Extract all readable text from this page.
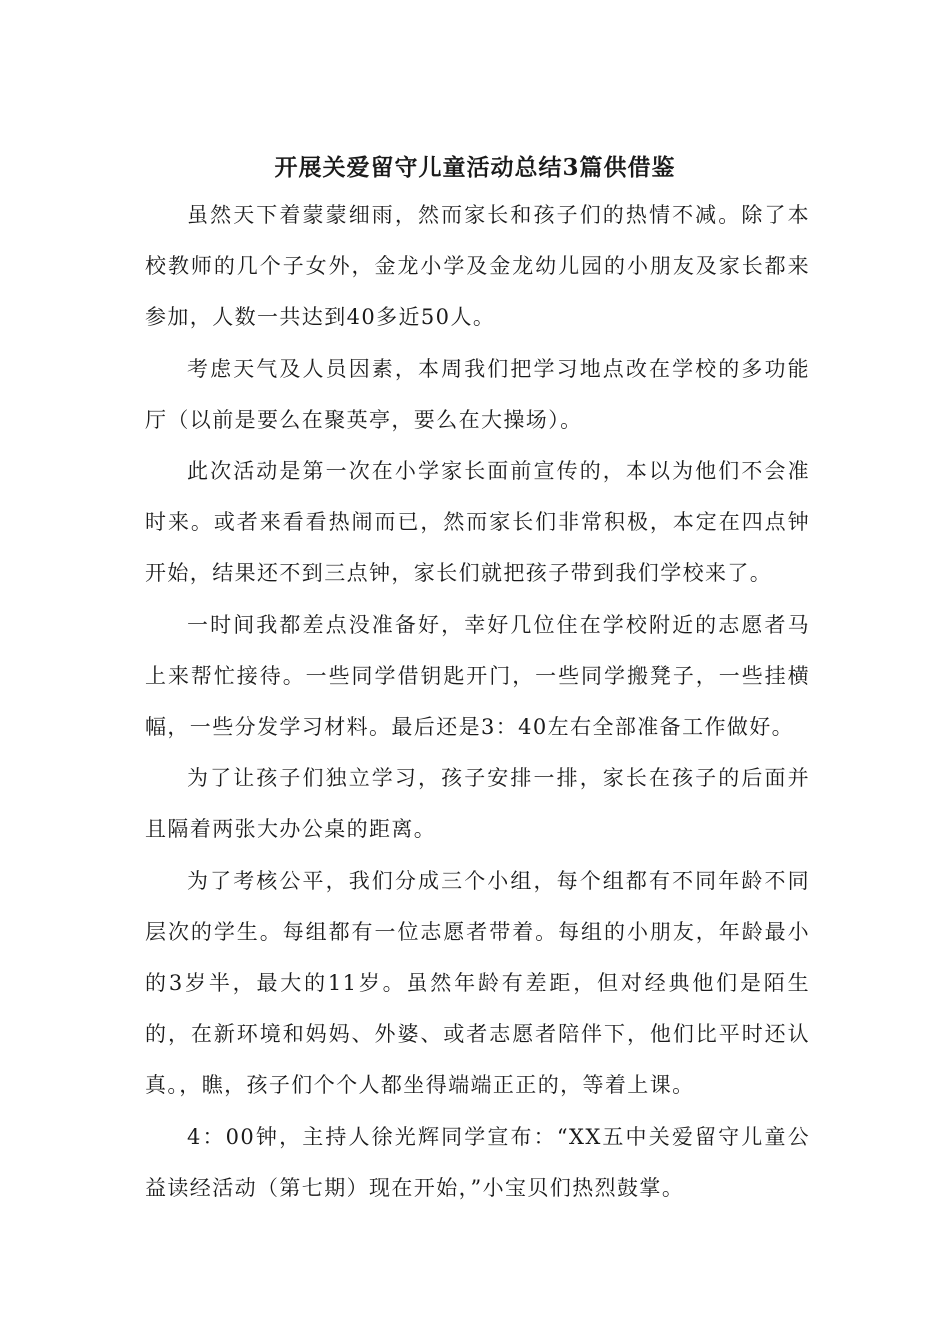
开展关爱留守儿童活动总结3篇供借鉴

虽然天下着蒙蒙细雨，然而家长和孩子们的热情不减。除了本校教师的几个子女外，金龙小学及金龙幼儿园的小朋友及家长都来参加，人数一共达到40多近50人。

考虑天气及人员因素，本周我们把学习地点改在学校的多功能厅（以前是要么在聚英亭，要么在大操场）。

此次活动是第一次在小学家长面前宣传的，本以为他们不会准时来。或者来看看热闹而已，然而家长们非常积极，本定在四点钟开始，结果还不到三点钟，家长们就把孩子带到我们学校来了。

一时间我都差点没准备好，幸好几位住在学校附近的志愿者马上来帮忙接待。一些同学借钥匙开门，一些同学搬凳子，一些挂横幅，一些分发学习材料。最后还是3：40左右全部准备工作做好。

为了让孩子们独立学习，孩子安排一排，家长在孩子的后面并且隔着两张大办公桌的距离。

为了考核公平，我们分成三个小组，每个组都有不同年龄不同层次的学生。每组都有一位志愿者带着。每组的小朋友，年龄最小的3岁半，最大的11岁。虽然年龄有差距，但对经典他们是陌生的，在新环境和妈妈、外婆、或者志愿者陪伴下，他们比平时还认真。，瞧，孩子们个个人都坐得端端正正的，等着上课。

4：00钟，主持人徐光辉同学宣布：“XX五中关爱留守儿童公益读经活动（第七期）现在开始，”小宝贝们热烈鼓掌。
